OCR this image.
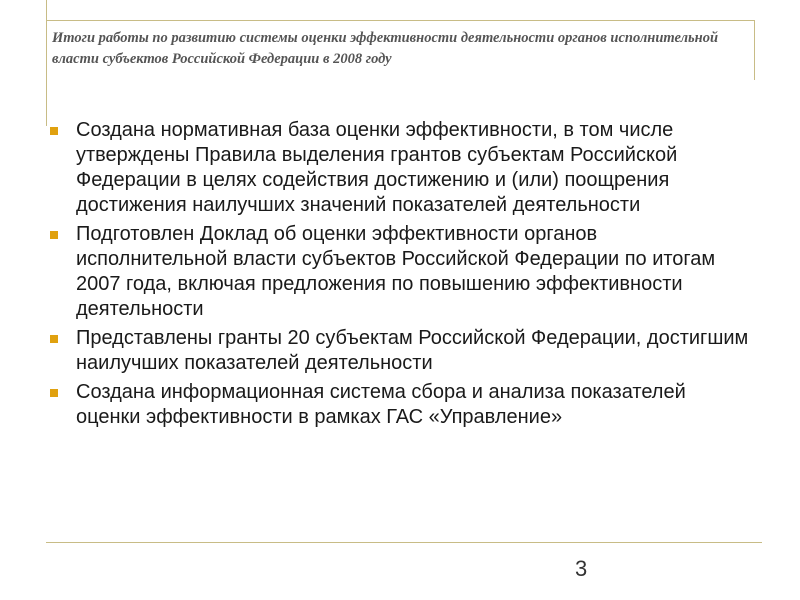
Итоги работы по развитию системы оценки эффективности деятельности органов исполнительной власти субъектов Российской Федерации в 2008 году
Создана нормативная база оценки эффективности, в том числе утверждены Правила выделения грантов субъектам Российской Федерации в целях содействия достижению и (или) поощрения достижения наилучших значений показателей деятельности
Подготовлен Доклад об оценки эффективности органов исполнительной власти субъектов Российской Федерации по итогам 2007 года, включая предложения по повышению эффективности деятельности
Представлены гранты 20 субъектам Российской Федерации, достигшим наилучших показателей деятельности
Создана информационная система сбора и анализа показателей оценки эффективности в рамках ГАС «Управление»
3
